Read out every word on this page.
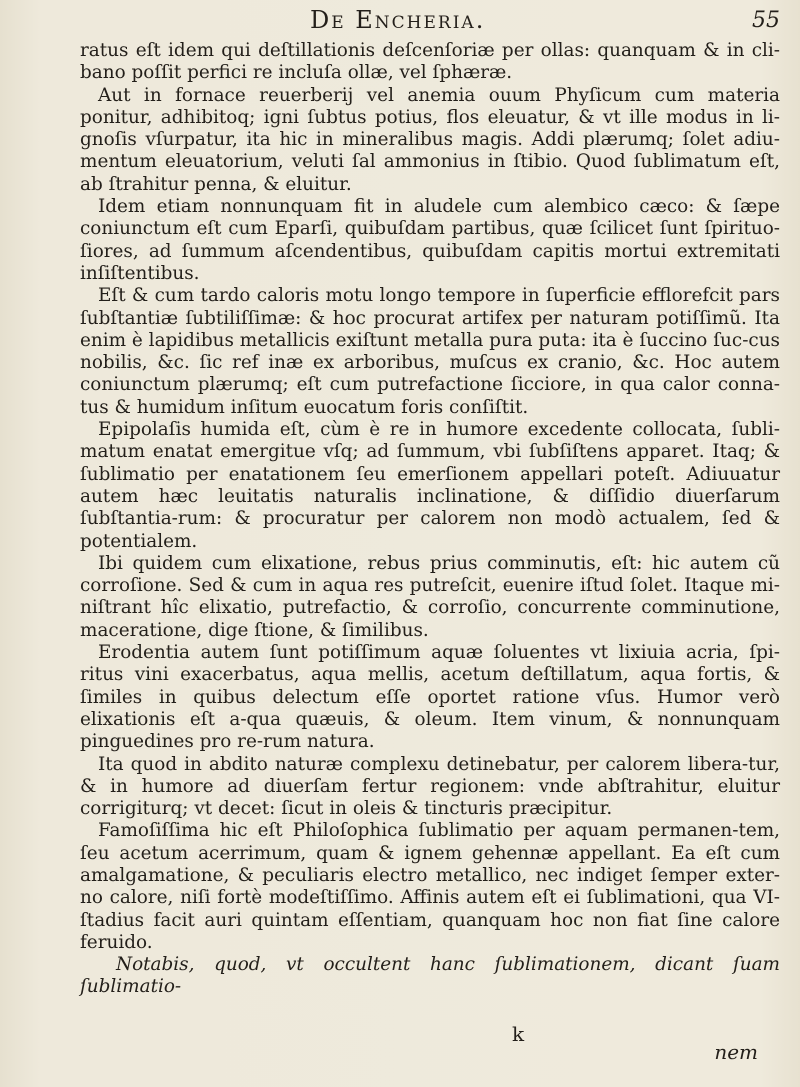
De Encheria.	55

ratus eſt idem qui deſtillationis deſcenſoriæ per ollas: quanquam & in cli-bano poſſit perfici re incluſa ollæ, vel ſphæræ.

Aut in fornace reuerberij vel anemia ouum Phyſicum cum materia ponitur, adhibitoq; igni ſubtus potius, flos eleuatur, & vt ille modus in li-gnoſis vſurpatur, ita hic in mineralibus magis. Addi plærumq; ſolet adiu-mentum eleuatorium, veluti ſal ammonius in ſtibio. Quod ſublimatum eſt, ab ſtrahitur penna, & eluitur.

Idem etiam nonnunquam fit in aludele cum alembico cæco: & ſæpe coniunctum eſt cum Eparſi, quibuſdam partibus, quæ ſcilicet ſunt ſpirituo-ſiores, ad ſummum aſcendentibus, quibuſdam capitis mortui extremitati inſiſtentibus.

Eſt & cum tardo caloris motu longo tempore in ſuperficie efflorefcit pars ſubſtantiæ ſubtiliſſimæ: & hoc procurat artifex per naturam potiſſimũ. Ita enim è lapidibus metallicis exiſtunt metalla pura puta: ita è ſuccino ſuc-cus nobilis, &c. ſic ref inæ ex arboribus, muſcus ex cranio, &c. Hoc autem coniunctum plærumq; eſt cum putrefactione ſicciore, in qua calor conna-tus & humidum inſitum euocatum foris conſiſtit.

Epipolaſis humida eſt, cùm è re in humore excedente collocata, ſubli-matum enatat emergitue vſq; ad ſummum, vbi ſubſiſtens apparet. Itaq; & ſublimatio per enatationem ſeu emerſionem appellari poteſt. Adiuuatur autem hæc leuitatis naturalis inclinatione, & diſſidio diuerſarum ſubſtantia-rum: & procuratur per calorem non modò actualem, ſed & potentialem.

Ibi quidem cum elixatione, rebus prius comminutis, eſt: hic autem cũ corroſione. Sed & cum in aqua res putreſcit, euenire iſtud ſolet. Itaque mi-niſtrant hîc elixatio, putrefactio, & corroſio, concurrente comminutione, maceratione, dige ſtione, & ſimilibus.

Erodentia autem ſunt potiſſimum aquæ ſoluentes vt lixiuia acria, ſpi-ritus vini exacerbatus, aqua mellis, acetum deſtillatum, aqua fortis, & ſimiles in quibus delectum eſſe oportet ratione vſus. Humor verò elixationis eſt a-qua quæuis, & oleum. Item vinum, & nonnunquam pinguedines pro re-rum natura.

Ita quod in abdito naturæ complexu detinebatur, per calorem libera-tur, & in humore ad diuerſam fertur regionem: vnde abſtrahitur, eluitur corrigiturq; vt decet: ſicut in oleis & tincturis præcipitur.

Famoſiſſima hic eſt Philoſophica ſublimatio per aquam permanen-tem, ſeu acetum acerrimum, quam & ignem gehennæ appellant. Ea eſt cum amalgamatione, & peculiaris electro metallico, nec indiget ſemper exter-no calore, niſi fortè modeſtiſſimo. Affinis autem eſt ei ſublimationi, qua VI-ſtadius facit auri quintam eſſentiam, quanquam hoc non fiat ſine calore feruido.

Notabis, quod, vt occultent hanc ſublimationem, dicant ſuam ſublimatio-

k
nem
